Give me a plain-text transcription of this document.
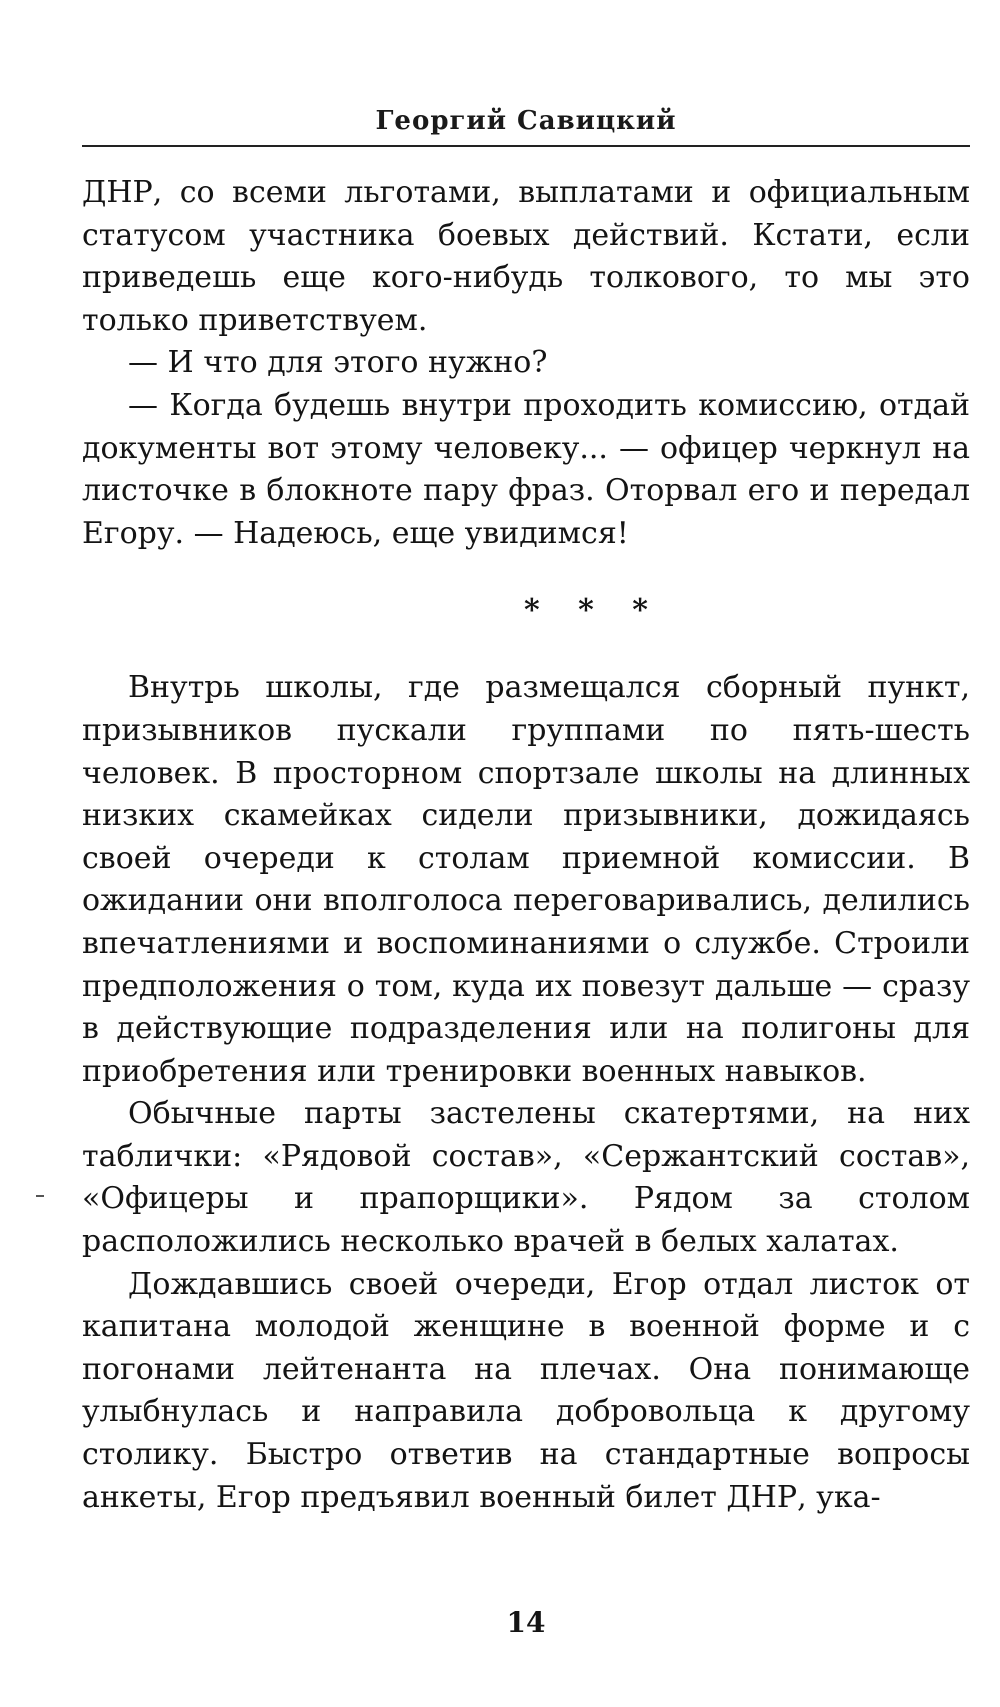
Георгий Савицкий

ДНР, со всеми льготами, выплатами и официальным статусом участника боевых действий. Кстати, если приведешь еще кого-нибудь толкового, то мы это только приветствуем.

— И что для этого нужно?

— Когда будешь внутри проходить комиссию, отдай документы вот этому человеку... — офицер черкнул на листочке в блокноте пару фраз. Оторвал его и передал Егору. — Надеюсь, еще увидимся!

* * *

Внутрь школы, где размещался сборный пункт, призывников пускали группами по пять-шесть человек. В просторном спортзале школы на длинных низких скамейках сидели призывники, дожидаясь своей очереди к столам приемной комиссии. В ожидании они вполголоса переговаривались, делились впечатлениями и воспоминаниями о службе. Строили предположения о том, куда их повезут дальше — сразу в действующие подразделения или на полигоны для приобретения или тренировки военных навыков.

Обычные парты застелены скатертями, на них таблички: «Рядовой состав», «Сержантский состав», «Офицеры и прапорщики». Рядом за столом расположились несколько врачей в белых халатах.

Дождавшись своей очереди, Егор отдал листок от капитана молодой женщине в военной форме и с погонами лейтенанта на плечах. Она понимающе улыбнулась и направила добровольца к другому столику. Быстро ответив на стандартные вопросы анкеты, Егор предъявил военный билет ДНР, ука-

14
